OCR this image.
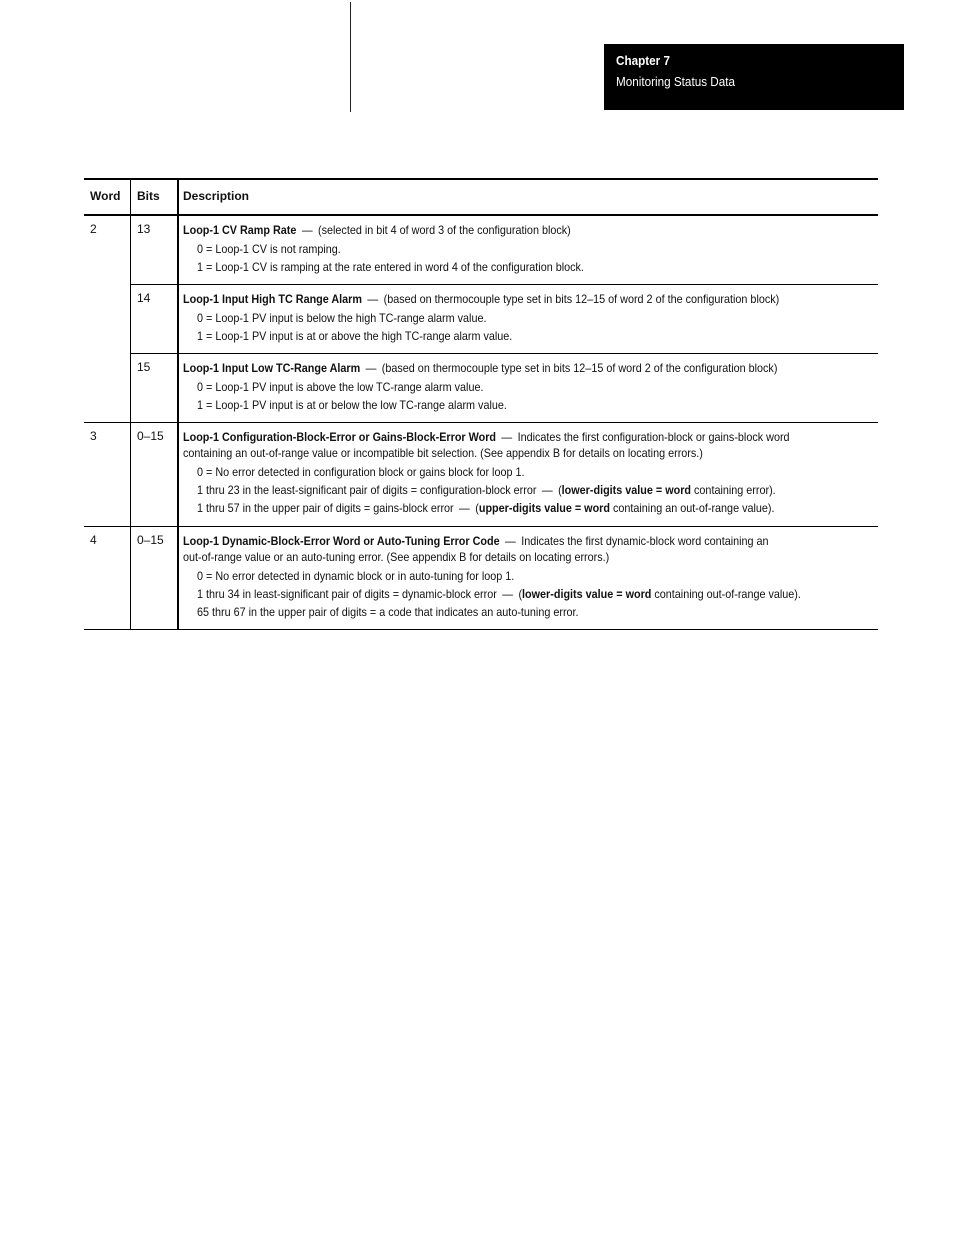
Chapter 7
Monitoring Status Data
Word Bits Description
2	13	Loop-1 CV Ramp Rate — (selected in bit 4 of word 3 of the configuration block)
0 = Loop-1 CV is not ramping.
1 = Loop-1 CV is ramping at the rate entered in word 4 of the configuration block.
14	Loop-1 Input High TC Range Alarm — (based on thermocouple type set in bits 12–15 of word 2 of the configuration block)
0 = Loop-1 PV input is below the high TC-range alarm value.
1 = Loop-1 PV input is at or above the high TC-range alarm value.
15	Loop-1 Input Low TC-Range Alarm — (based on thermocouple type set in bits 12–15 of word 2 of the configuration block)
0 = Loop-1 PV input is above the low TC-range alarm value.
1 = Loop-1 PV input is at or below the low TC-range alarm value.
3	0–15 Loop-1 Configuration-Block-Error or Gains-Block-Error Word — Indicates the first configuration-block or gains-block word
containing an out-of-range value or incompatible bit selection. (See appendix B for details on locating errors.)
0 = No error detected in configuration block or gains block for loop 1.
1 thru 23 in the least-significant pair of digits = configuration-block error — (lower-digits value = word containing error).
1 thru 57 in the upper pair of digits = gains-block error — (upper-digits value = word containing an out-of-range value).
4	0–15 Loop-1 Dynamic-Block-Error Word or Auto-Tuning Error Code — Indicates the first dynamic-block word containing an
out-of-range value or an auto-tuning error. (See appendix B for details on locating errors.)
0 = No error detected in dynamic block or in auto-tuning for loop 1.
1 thru 34 in least-significant pair of digits = dynamic-block error — (lower-digits value = word containing out-of-range value).
65 thru 67 in the upper pair of digits = a code that indicates an auto-tuning error.
